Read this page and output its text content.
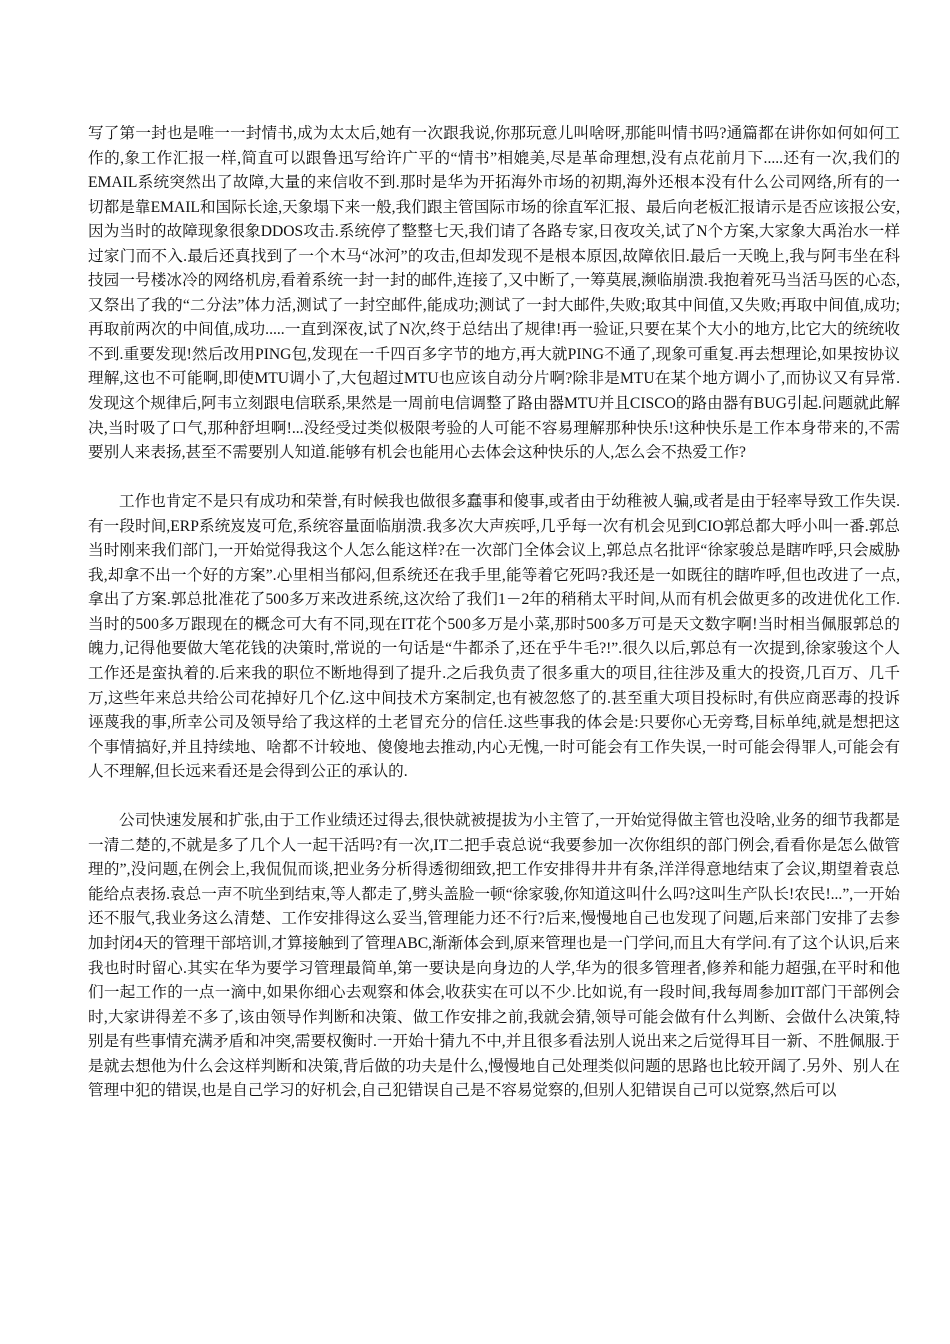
写了第一封也是唯一一封情书,成为太太后,她有一次跟我说,你那玩意儿叫啥呀,那能叫情书吗?通篇都在讲你如何如何工作的,象工作汇报一样,简直可以跟鲁迅写给许广平的“情书”相媲美,尽是革命理想,没有点花前月下.....还有一次,我们的EMAIL系统突然出了故障,大量的来信收不到.那时是华为开拓海外市场的初期,海外还根本没有什么公司网络,所有的一切都是靠EMAIL和国际长途,天象塌下来一般,我们跟主管国际市场的徐直军汇报、最后向老板汇报请示是否应该报公安,因为当时的故障现象很象DDOS攻击.系统停了整整七天,我们请了各路专家,日夜攻关,试了N个方案,大家象大禹治水一样过家门而不入.最后还真找到了一个木马“冰河”的攻击,但却发现不是根本原因,故障依旧.最后一天晚上,我与阿韦坐在科技园一号楼冰冷的网络机房,看着系统一封一封的邮件,连接了,又中断了,一筹莫展,濒临崩溃.我抱着死马当活马医的心态,又祭出了我的“二分法”体力活,测试了一封空邮件,能成功;测试了一封大邮件,失败;取其中间值,又失败;再取中间值,成功;再取前两次的中间值,成功.....一直到深夜,试了N次,终于总结出了规律!再一验证,只要在某个大小的地方,比它大的统统收不到.重要发现!然后改用PING包,发现在一千四百多字节的地方,再大就PING不通了,现象可重复.再去想理论,如果按协议理解,这也不可能啊,即使MTU调小了,大包超过MTU也应该自动分片啊?除非是MTU在某个地方调小了,而协议又有异常.发现这个规律后,阿韦立刻跟电信联系,果然是一周前电信调整了路由器MTU并且CISCO的路由器有BUG引起.问题就此解决,当时吸了口气,那种舒坦啊!...没经受过类似极限考验的人可能不容易理解那种快乐!这种快乐是工作本身带来的,不需要别人来表扬,甚至不需要别人知道.能够有机会也能用心去体会这种快乐的人,怎么会不热爱工作?

工作也肯定不是只有成功和荣誉,有时候我也做很多蠢事和傻事,或者由于幼稚被人骗,或者是由于轻率导致工作失误.有一段时间,ERP系统岌岌可危,系统容量面临崩溃.我多次大声疾呼,几乎每一次有机会见到CIO郭总都大呼小叫一番.郭总当时刚来我们部门,一开始觉得我这个人怎么能这样?在一次部门全体会议上,郭总点名批评“徐家骏总是瞎咋呼,只会威胁我,却拿不出一个好的方案”.心里相当郁闷,但系统还在我手里,能等着它死吗?我还是一如既往的瞎咋呼,但也改进了一点,拿出了方案.郭总批准花了500多万来改进系统,这次给了我们1－2年的稍稍太平时间,从而有机会做更多的改进优化工作.当时的500多万跟现在的概念可大有不同,现在IT花个500多万是小菜,那时500多万可是天文数字啊!当时相当佩服郭总的魄力,记得他要做大笔花钱的决策时,常说的一句话是“牛都杀了,还在乎牛毛?!”.很久以后,郭总有一次提到,徐家骏这个人工作还是蛮执着的.后来我的职位不断地得到了提升.之后我负责了很多重大的项目,往往涉及重大的投资,几百万、几千万,这些年来总共给公司花掉好几个亿.这中间技术方案制定,也有被忽悠了的.甚至重大项目投标时,有供应商恶毒的投诉诬蔑我的事,所幸公司及领导给了我这样的土老冒充分的信任.这些事我的体会是:只要你心无旁骛,目标单纯,就是想把这个事情搞好,并且持续地、啥都不计较地、傻傻地去推动,内心无愧,一时可能会有工作失误,一时可能会得罪人,可能会有人不理解,但长远来看还是会得到公正的承认的.

公司快速发展和扩张,由于工作业绩还过得去,很快就被提拔为小主管了,一开始觉得做主管也没啥,业务的细节我都是一清二楚的,不就是多了几个人一起干活吗?有一次,IT二把手袁总说“我要参加一次你组织的部门例会,看看你是怎么做管理的”,没问题,在例会上,我侃侃而谈,把业务分析得透彻细致,把工作安排得井井有条,洋洋得意地结束了会议,期望着袁总能给点表扬.袁总一声不吭坐到结束,等人都走了,劈头盖脸一顿“徐家骏,你知道这叫什么吗?这叫生产队长!农民!...”,一开始还不服气,我业务这么清楚、工作安排得这么妥当,管理能力还不行?后来,慢慢地自己也发现了问题,后来部门安排了去参加封闭4天的管理干部培训,才算接触到了管理ABC,渐渐体会到,原来管理也是一门学问,而且大有学问.有了这个认识,后来我也时时留心.其实在华为要学习管理最简单,第一要诀是向身边的人学,华为的很多管理者,修养和能力超强,在平时和他们一起工作的一点一滴中,如果你细心去观察和体会,收获实在可以不少.比如说,有一段时间,我每周参加IT部门干部例会时,大家讲得差不多了,该由领导作判断和决策、做工作安排之前,我就会猜,领导可能会做有什么判断、会做什么决策,特别是有些事情充满矛盾和冲突,需要权衡时.一开始十猜九不中,并且很多看法别人说出来之后觉得耳目一新、不胜佩服.于是就去想他为什么会这样判断和决策,背后做的功夫是什么,慢慢地自己处理类似问题的思路也比较开阔了.另外、别人在管理中犯的错误,也是自己学习的好机会,自己犯错误自己是不容易觉察的,但别人犯错误自己可以觉察,然后可以
